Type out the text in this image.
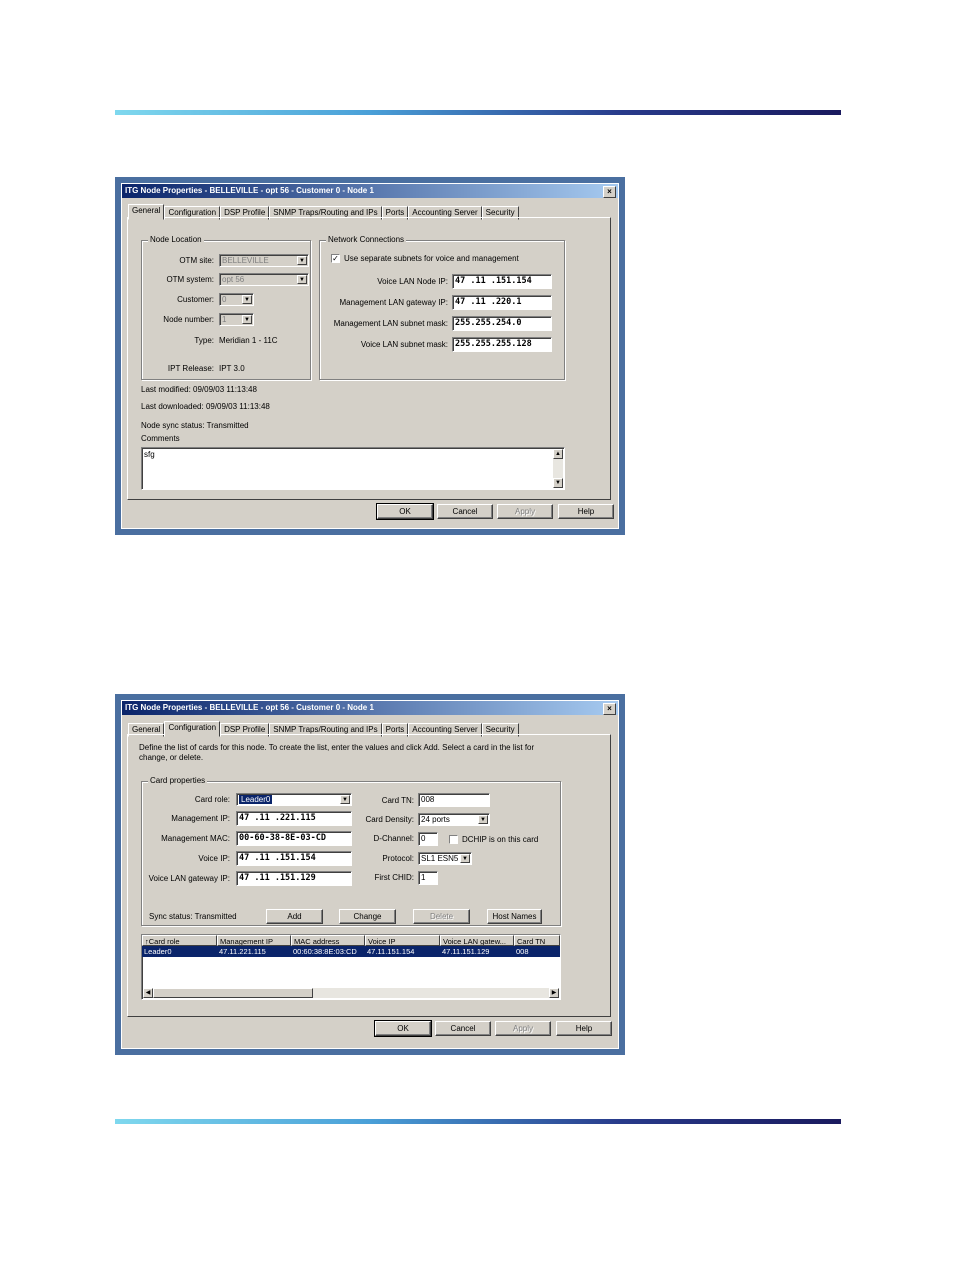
ITG Node Properties - BELLEVILLE - opt 56 - Customer 0 - Node 1	×
General	Configuration	DSP Profile	SNMP Traps/Routing and IPs	Ports	Accounting Server	Security
Node Location
OTM site:	BELLEVILLE	▼
OTM system:	opt 56	▼
Customer:	0	▼
Node number:	1	▼
Type: Meridian 1 - 11C
IPT Release: IPT 3.0
Network Connections
✓ Use separate subnets for voice and management
Voice LAN Node IP: 47 .11 .151.154
Management LAN gateway IP: 47 .11 .220.1
Management LAN subnet mask: 255.255.254.0
Voice LAN subnet mask: 255.255.255.128
Last modified: 09/09/03 11:13:48
Last downloaded: 09/09/03 11:13:48
Node sync status: Transmitted
Comments
sfg	▲
▼
OK	Cancel	Apply	Help
ITG Node Properties - BELLEVILLE - opt 56 - Customer 0 - Node 1	×
General	Configuration	DSP Profile	SNMP Traps/Routing and IPs	Ports	Accounting Server	Security
Define the list of cards for this node. To create the list, enter the values and click Add. Select a card in the list for change, or delete.
Card properties
Card role:	Leader0	▼
Management IP:	47 .11 .221.115
Management MAC:	00-60-38-8E-03-CD
Voice IP:	47 .11 .151.154
Voice LAN gateway IP:	47 .11 .151.129
Card TN: 008
Card Density: 24 ports	▼
D-Channel: 0	DCHIP is on this card
Protocol: SL1 ESN5 ▼
First CHID: 1
Sync status: Transmitted	Add	Change	Delete	Host Names
↑Card role	Management IP	MAC address	Voice IP	Voice LAN gatew...	Card TN
Leader0	47.11.221.115	00:60:38:8E:03:CD	47.11.151.154	47.11.151.129	008
◀	▶
OK	Cancel	Apply	Help
